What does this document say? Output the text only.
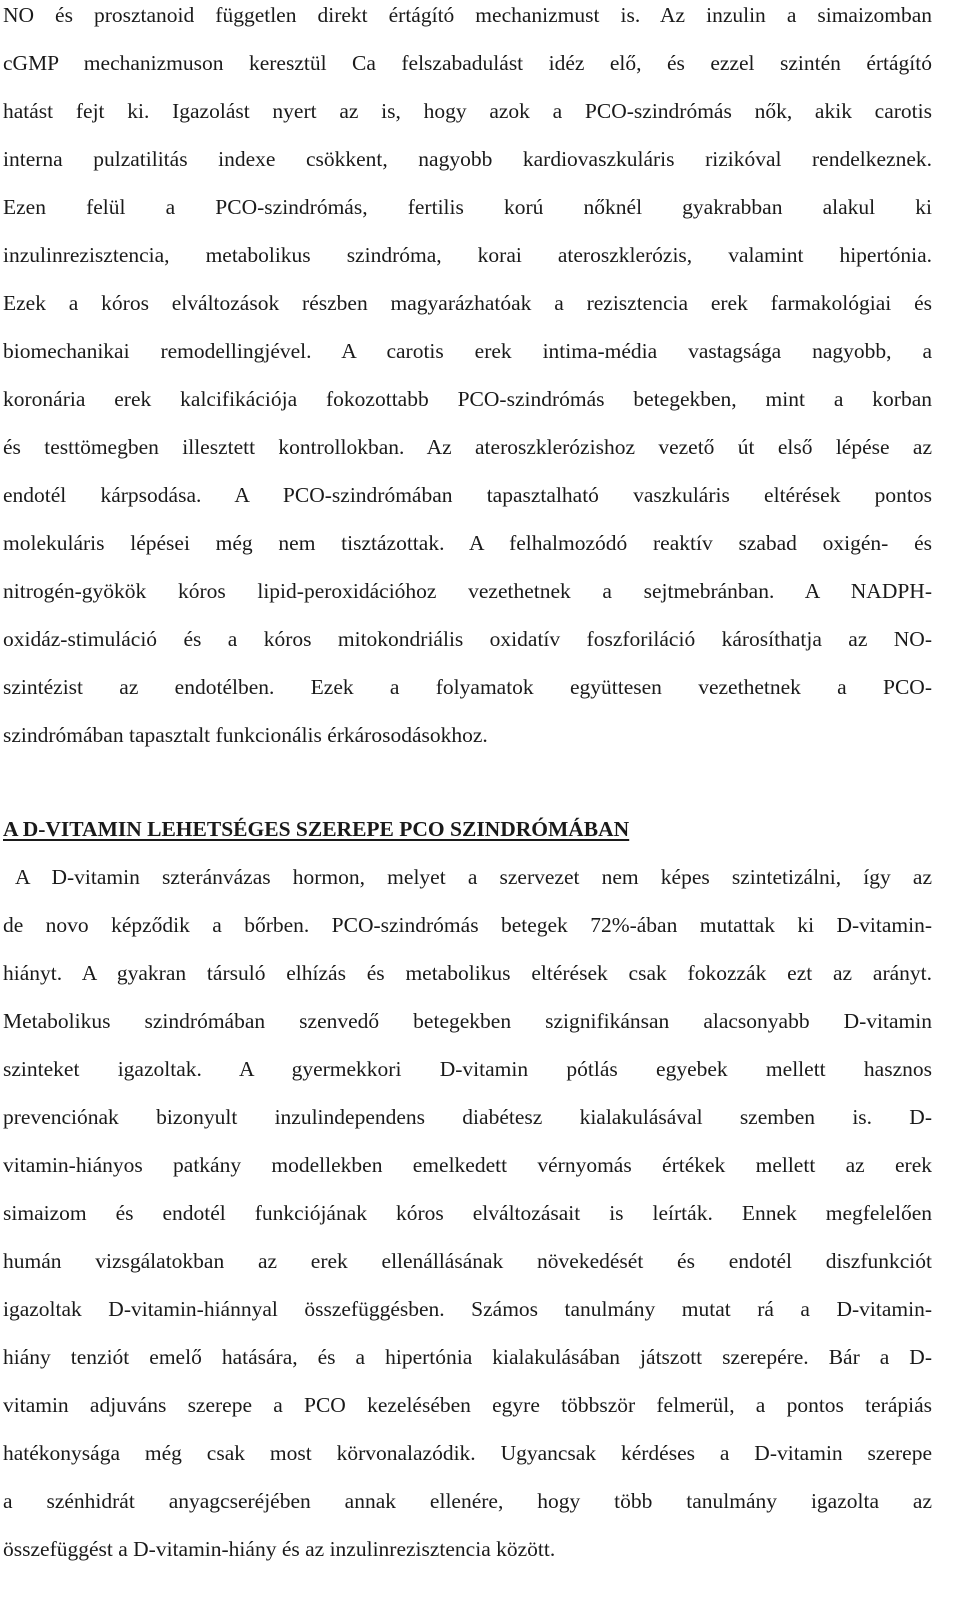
NO és prosztanoid független direkt értágító mechanizmust is. Az inzulin a simaizomban
cGMP mechanizmuson keresztül Ca felszabadulást idéz elő, és ezzel szintén értágító
hatást fejt ki. Igazolást nyert az is, hogy azok a PCO-szindrómás nők, akik carotis
interna pulzatilitás indexe csökkent, nagyobb kardiovaszkuláris rizikóval rendelkeznek.
Ezen felül a PCO-szindrómás, fertilis korú nőknél gyakrabban alakul ki
inzulinrezisztencia, metabolikus szindróma, korai ateroszklerózis, valamint hipertónia.
Ezek a kóros elváltozások részben magyarázhatóak a rezisztencia erek farmakológiai és
biomechanikai remodellingjével. A carotis erek intima-média vastagsága nagyobb, a
koronária erek kalcifikációja fokozottabb PCO-szindrómás betegekben, mint a korban
és testtömegben illesztett kontrollokban. Az ateroszklerózishoz vezető út első lépése az
endotél kárpsodása. A PCO-szindrómában tapasztalható vaszkuláris eltérések pontos
molekuláris lépései még nem tisztázottak. A felhalmozódó reaktív szabad oxigén- és
nitrogén-gyökök kóros lipid-peroxidációhoz vezethetnek a sejtmebránban. A NADPH-
oxidáz-stimuláció és a kóros mitokondriális oxidatív foszforiláció károsíthatja az NO-
szintézist az endotélben. Ezek a folyamatok együttesen vezethetnek a PCO-
szindrómában tapasztalt funkcionális érkárosodásokhoz.
A D-VITAMIN LEHETSÉGES SZEREPE PCO SZINDRÓMÁBAN
A D-vitamin szteránvázas hormon, melyet a szervezet nem képes szintetizálni, így az
de novo képződik a bőrben. PCO-szindrómás betegek 72%-ában mutattak ki D-vitamin-
hiányt. A gyakran társuló elhízás és metabolikus eltérések csak fokozzák ezt az arányt.
Metabolikus szindrómában szenvedő betegekben szignifikánsan alacsonyabb D-vitamin
szinteket igazoltak. A gyermekkori D-vitamin pótlás egyebek mellett hasznos
prevenciónak bizonyult inzulindependens diabétesz kialakulásával szemben is. D-
vitamin-hiányos patkány modellekben emelkedett vérnyomás értékek mellett az erek
simaizom és endotél funkciójának kóros elváltozásait is leírták. Ennek megfelelően
humán vizsgálatokban az erek ellenállásának növekedését és endotél diszfunkciót
igazoltak D-vitamin-hiánnyal összefüggésben. Számos tanulmány mutat rá a D-vitamin-
hiány tenziót emelő hatására, és a hipertónia kialakulásában játszott szerepére. Bár a D-
vitamin adjuváns szerepe a PCO kezelésében egyre többször felmerül, a pontos terápiás
hatékonysága még csak most körvonalazódik. Ugyancsak kérdéses a D-vitamin szerepe
a szénhidrát anyagcseréjében annak ellenére, hogy több tanulmány igazolta az
összefüggést a D-vitamin-hiány és az inzulinrezisztencia között.
